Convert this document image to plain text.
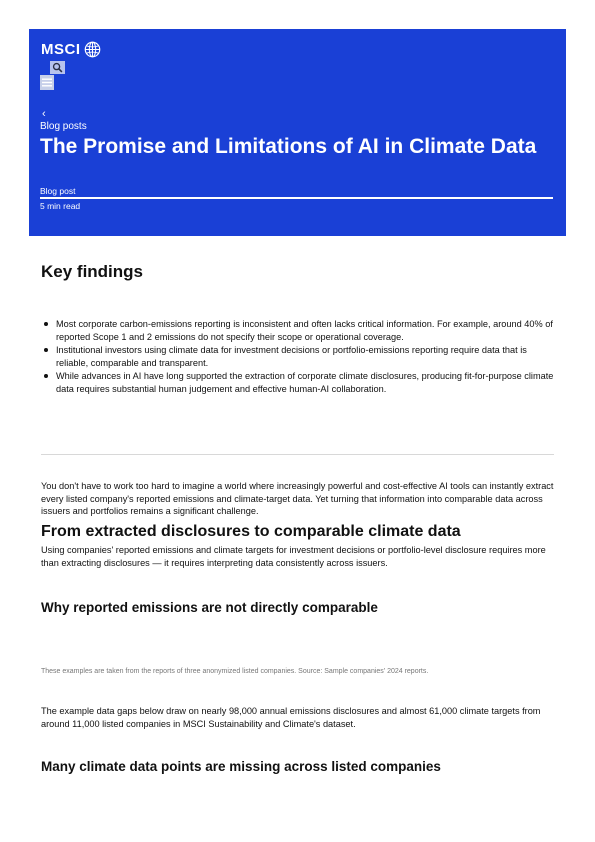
MSCI
‹
Blog posts
The Promise and Limitations of AI in Climate Data
Blog post
5 min read
Key findings
Most corporate carbon-emissions reporting is inconsistent and often lacks critical information. For example, around 40% of reported Scope 1 and 2 emissions do not specify their scope or operational coverage.
Institutional investors using climate data for investment decisions or portfolio-emissions reporting require data that is reliable, comparable and transparent.
While advances in AI have long supported the extraction of corporate climate disclosures, producing fit-for-purpose climate data requires substantial human judgement and effective human-AI collaboration.

You don't have to work too hard to imagine a world where increasingly powerful and cost-effective AI tools can instantly extract every listed company's reported emissions and climate-target data. Yet turning that information into comparable data across issuers and portfolios remains a significant challenge.

From extracted disclosures to comparable climate data

Using companies' reported emissions and climate targets for investment decisions or portfolio-level disclosure requires more than extracting disclosures — it requires interpreting data consistently across issuers.

Why reported emissions are not directly comparable

These examples are taken from the reports of three anonymized listed companies. Source: Sample companies' 2024 reports.

The example data gaps below draw on nearly 98,000 annual emissions disclosures and almost 61,000 climate targets from around 11,000 listed companies in MSCI Sustainability and Climate's dataset.

Many climate data points are missing across listed companies
